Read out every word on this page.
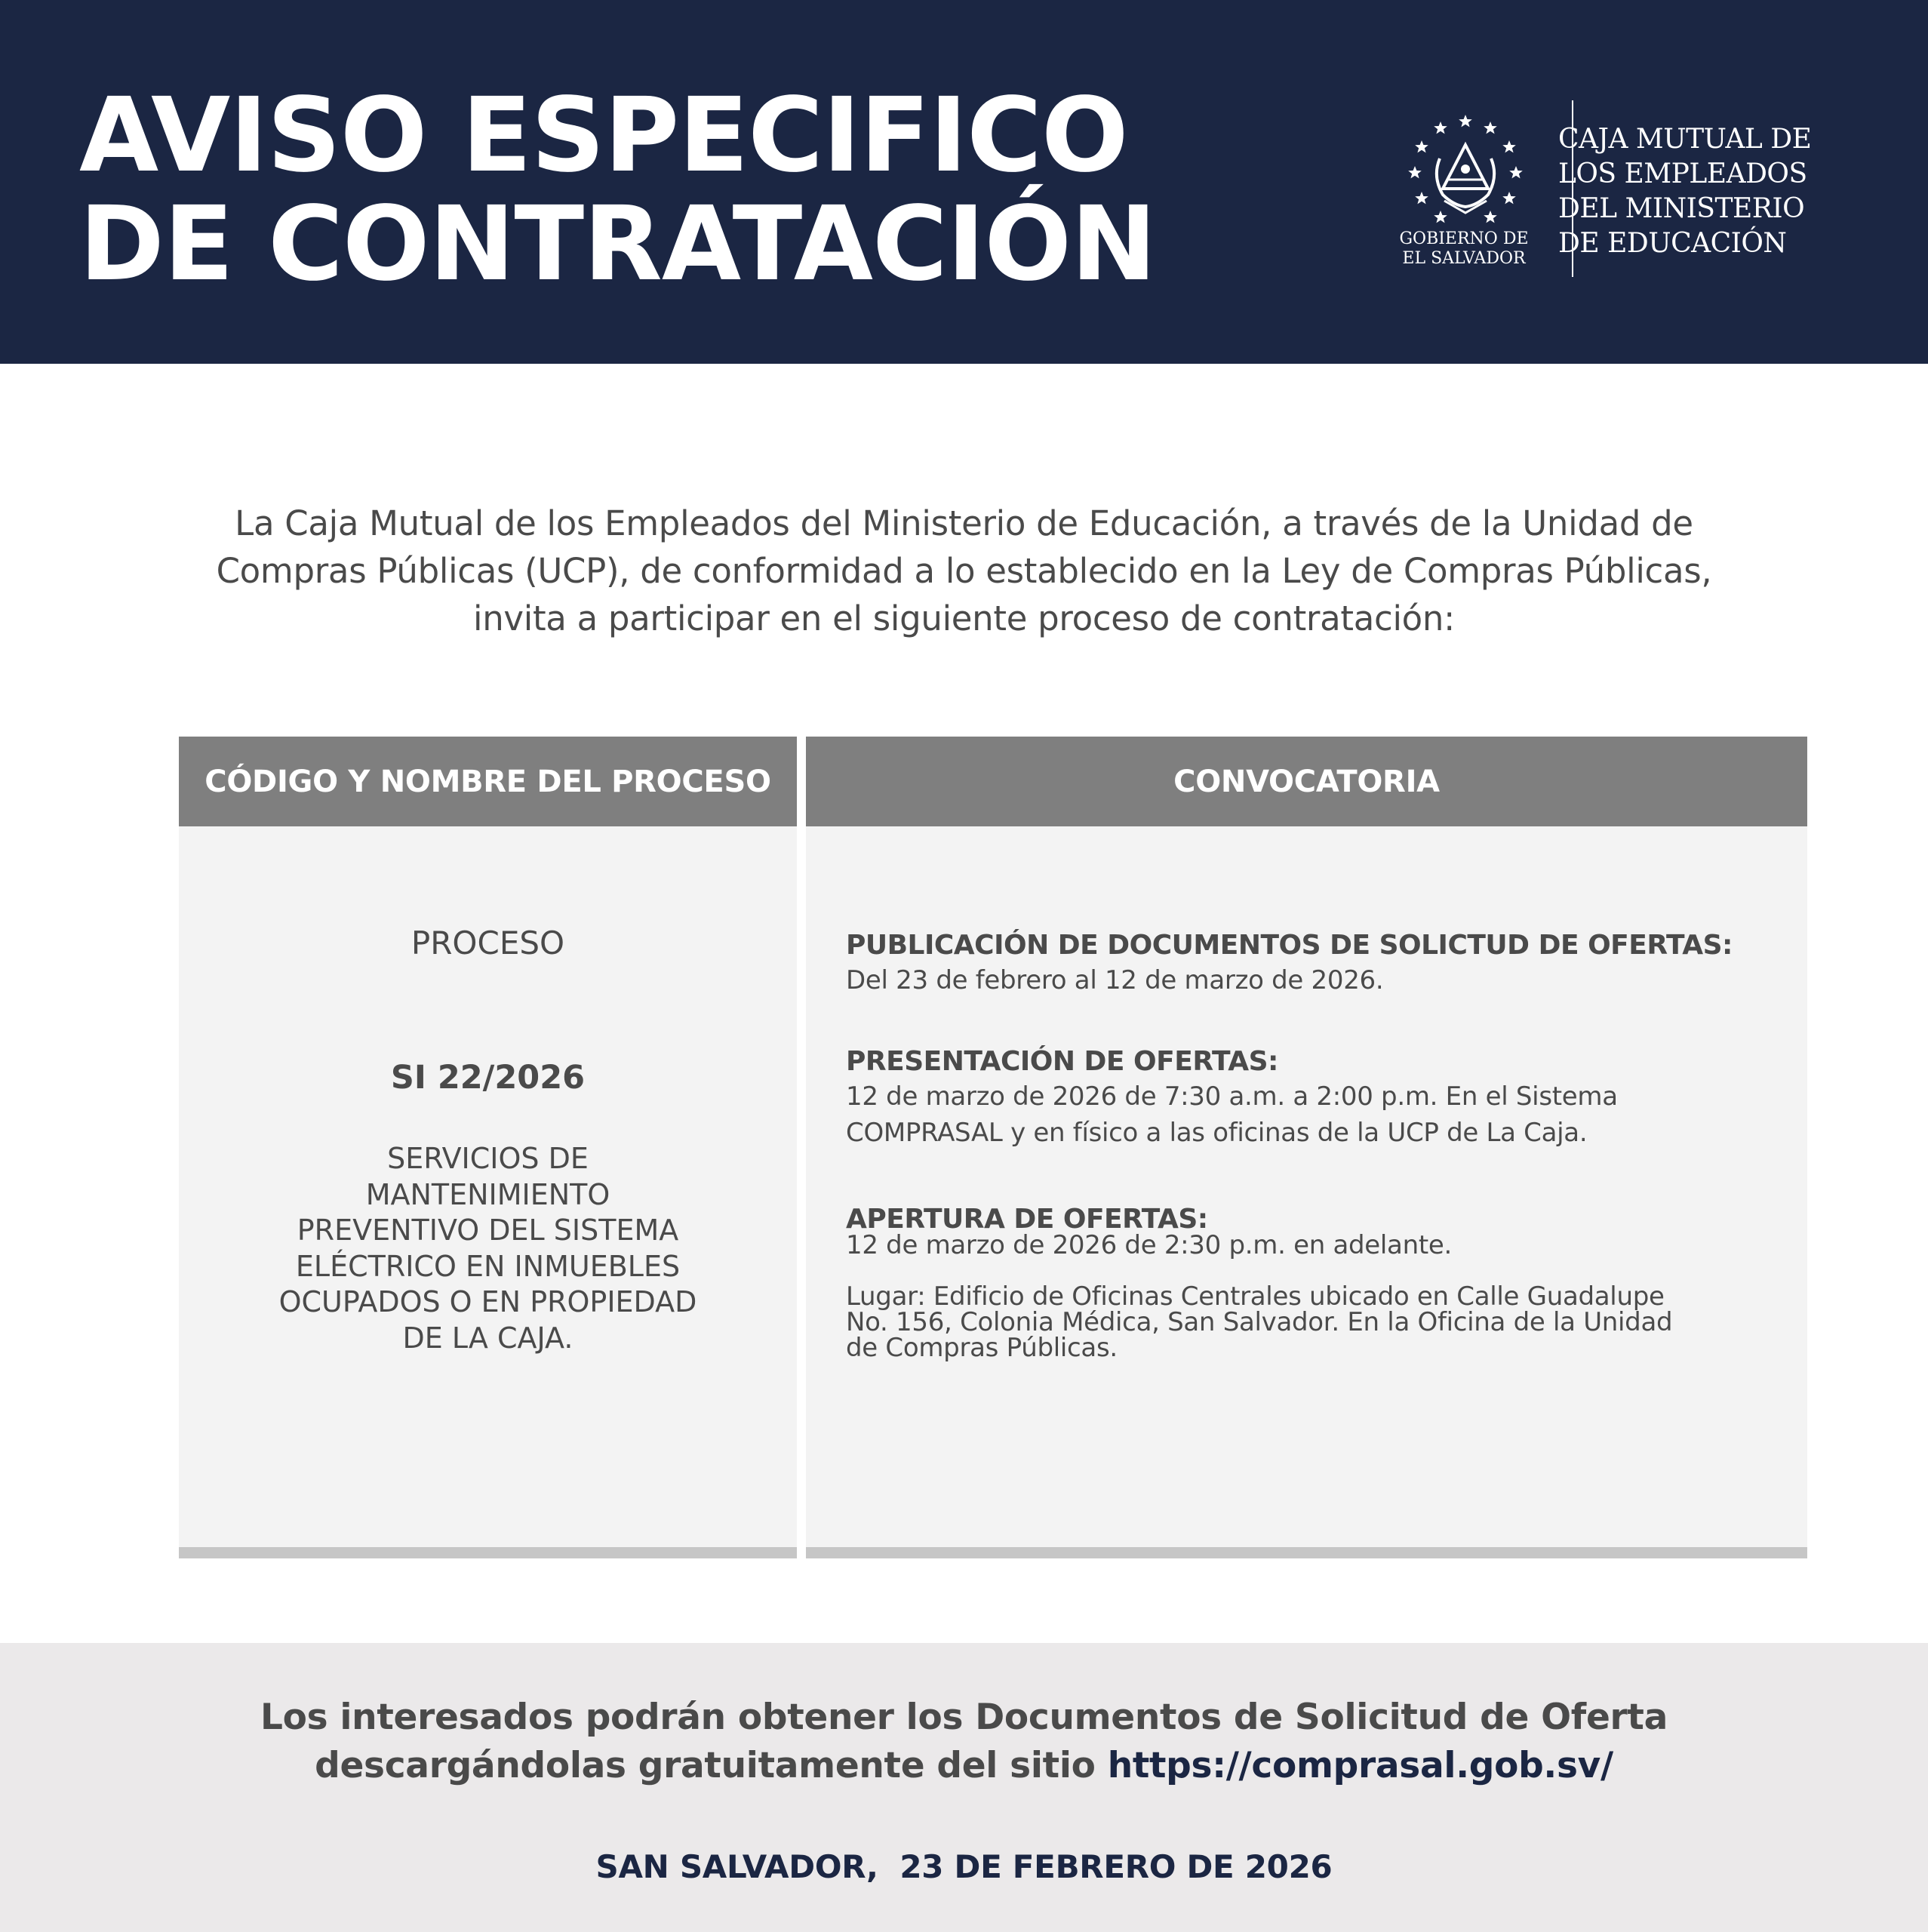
AVISO ESPECIFICO
DE CONTRATACIÓN	GOBIERNO DE
EL SALVADOR
CAJA MUTUAL DE
LOS EMPLEADOS
DEL MINISTERIO
DE EDUCACIÓN
La Caja Mutual de los Empleados del Ministerio de Educación, a través de la Unidad de
Compras Públicas (UCP), de conformidad a lo establecido en la Ley de Compras Públicas,
invita a participar en el siguiente proceso de contratación:
CÓDIGO Y NOMBRE DEL PROCESO	CONVOCATORIA
PROCESO
SI 22/2026
SERVICIOS DE
MANTENIMIENTO
PREVENTIVO DEL SISTEMA
ELÉCTRICO EN INMUEBLES
OCUPADOS O EN PROPIEDAD
DE LA CAJA.
PUBLICACIÓN DE DOCUMENTOS DE SOLICTUD DE OFERTAS:
Del 23 de febrero al 12 de marzo de 2026.
PRESENTACIÓN DE OFERTAS:
12 de marzo de 2026 de 7:30 a.m. a 2:00 p.m. En el Sistema
COMPRASAL y en físico a las oficinas de la UCP de La Caja.
APERTURA DE OFERTAS:
12 de marzo de 2026 de 2:30 p.m. en adelante.
Lugar: Edificio de Oficinas Centrales ubicado en Calle Guadalupe
No. 156, Colonia Médica, San Salvador. En la Oficina de la Unidad
de Compras Públicas.
Los interesados podrán obtener los Documentos de Solicitud de Oferta
descargándolas gratuitamente del sitio https://comprasal.gob.sv/
SAN SALVADOR,  23 DE FEBRERO DE 2026
